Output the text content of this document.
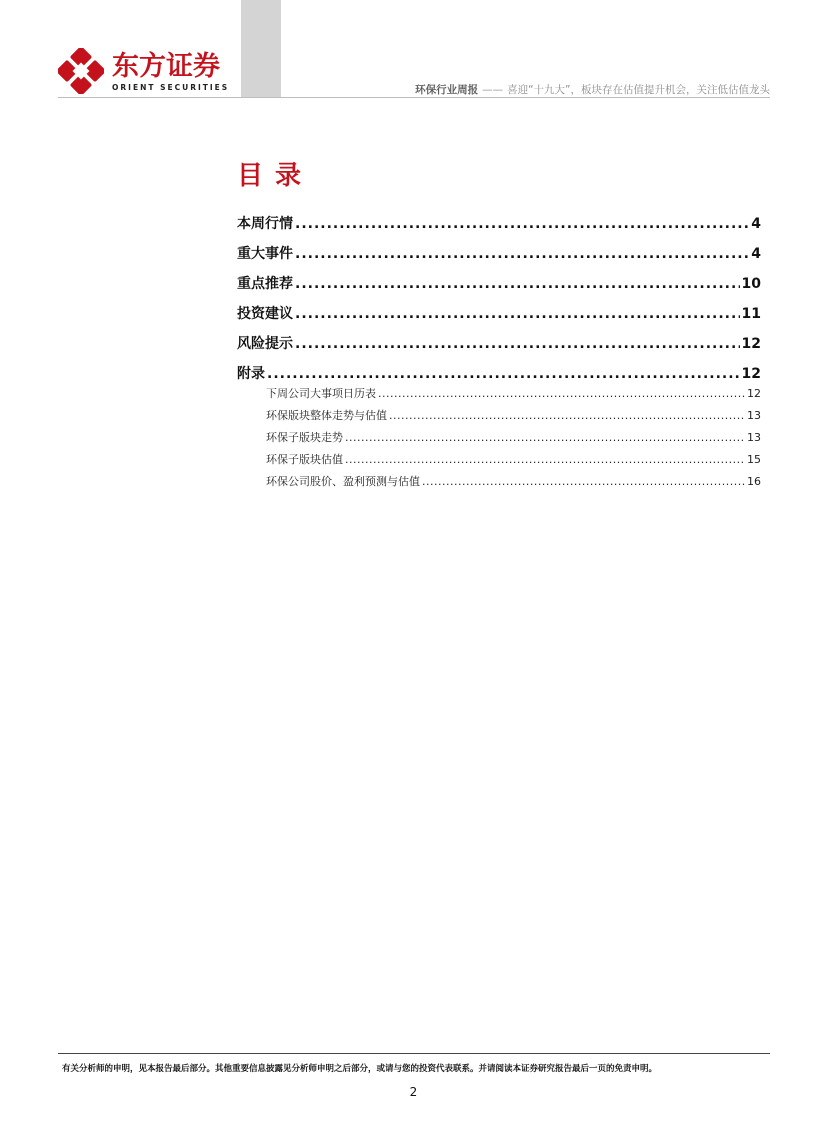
东方证券
ORIENT SECURITIES	环保行业周报 —— 喜迎“十九大”，板块存在估值提升机会，关注低估值龙头
目录
本周行情 .....	4
重大事件 .....	4
重点推荐 .....	10
投资建议 .....	11
风险提示 .....	12
附录 .....	12
下周公司大事项日历表 .....	12
环保版块整体走势与估值 .....	13
环保子版块走势 .....	13
环保子版块估值 .....	15
环保公司股价、盈利预测与估值 .....	16
有关分析师的申明，见本报告最后部分。其他重要信息披露见分析师申明之后部分，或请与您的投资代表联系。并请阅读本证券研究报告最后一页的免责申明。
2
